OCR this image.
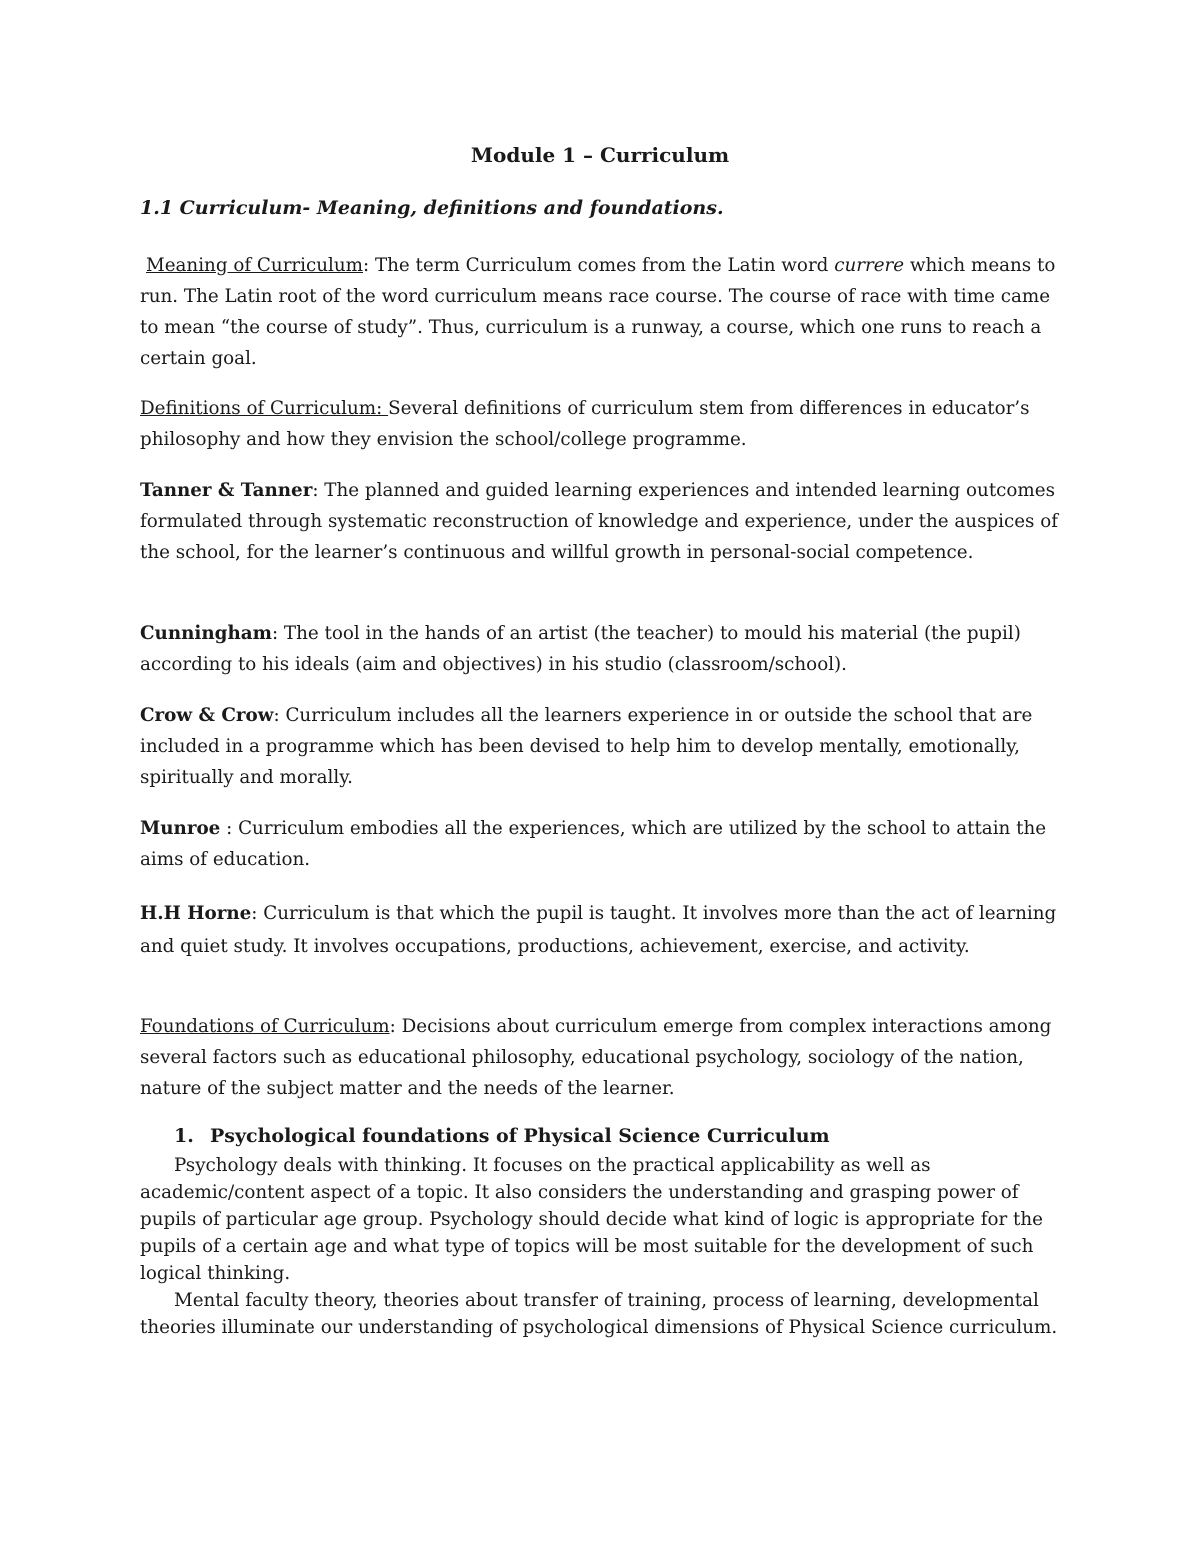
Module 1 – Curriculum
1.1 Curriculum- Meaning, definitions and foundations.

Meaning of Curriculum: The term Curriculum comes from the Latin word currere which means to run. The Latin root of the word curriculum means race course. The course of race with time came to mean “the course of study”. Thus, curriculum is a runway, a course, which one runs to reach a certain goal.

Definitions of Curriculum: Several definitions of curriculum stem from differences in educator’s philosophy and how they envision the school/college programme.

Tanner & Tanner: The planned and guided learning experiences and intended learning outcomes formulated through systematic reconstruction of knowledge and experience, under the auspices of the school, for the learner’s continuous and willful growth in personal-social competence.

Cunningham: The tool in the hands of an artist (the teacher) to mould his material (the pupil) according to his ideals (aim and objectives) in his studio (classroom/school).

Crow & Crow: Curriculum includes all the learners experience in or outside the school that are included in a programme which has been devised to help him to develop mentally, emotionally, spiritually and morally.

Munroe : Curriculum embodies all the experiences, which are utilized by the school to attain the aims of education.

H.H Horne: Curriculum is that which the pupil is taught. It involves more than the act of learning and quiet study. It involves occupations, productions, achievement, exercise, and activity.

Foundations of Curriculum: Decisions about curriculum emerge from complex interactions among several factors such as educational philosophy, educational psychology, sociology of the nation, nature of the subject matter and the needs of the learner.

1. Psychological foundations of Physical Science Curriculum

Psychology deals with thinking. It focuses on the practical applicability as well as academic/content aspect of a topic. It also considers the understanding and grasping power of pupils of particular age group. Psychology should decide what kind of logic is appropriate for the pupils of a certain age and what type of topics will be most suitable for the development of such logical thinking.

Mental faculty theory, theories about transfer of training, process of learning, developmental theories illuminate our understanding of psychological dimensions of Physical Science curriculum.
